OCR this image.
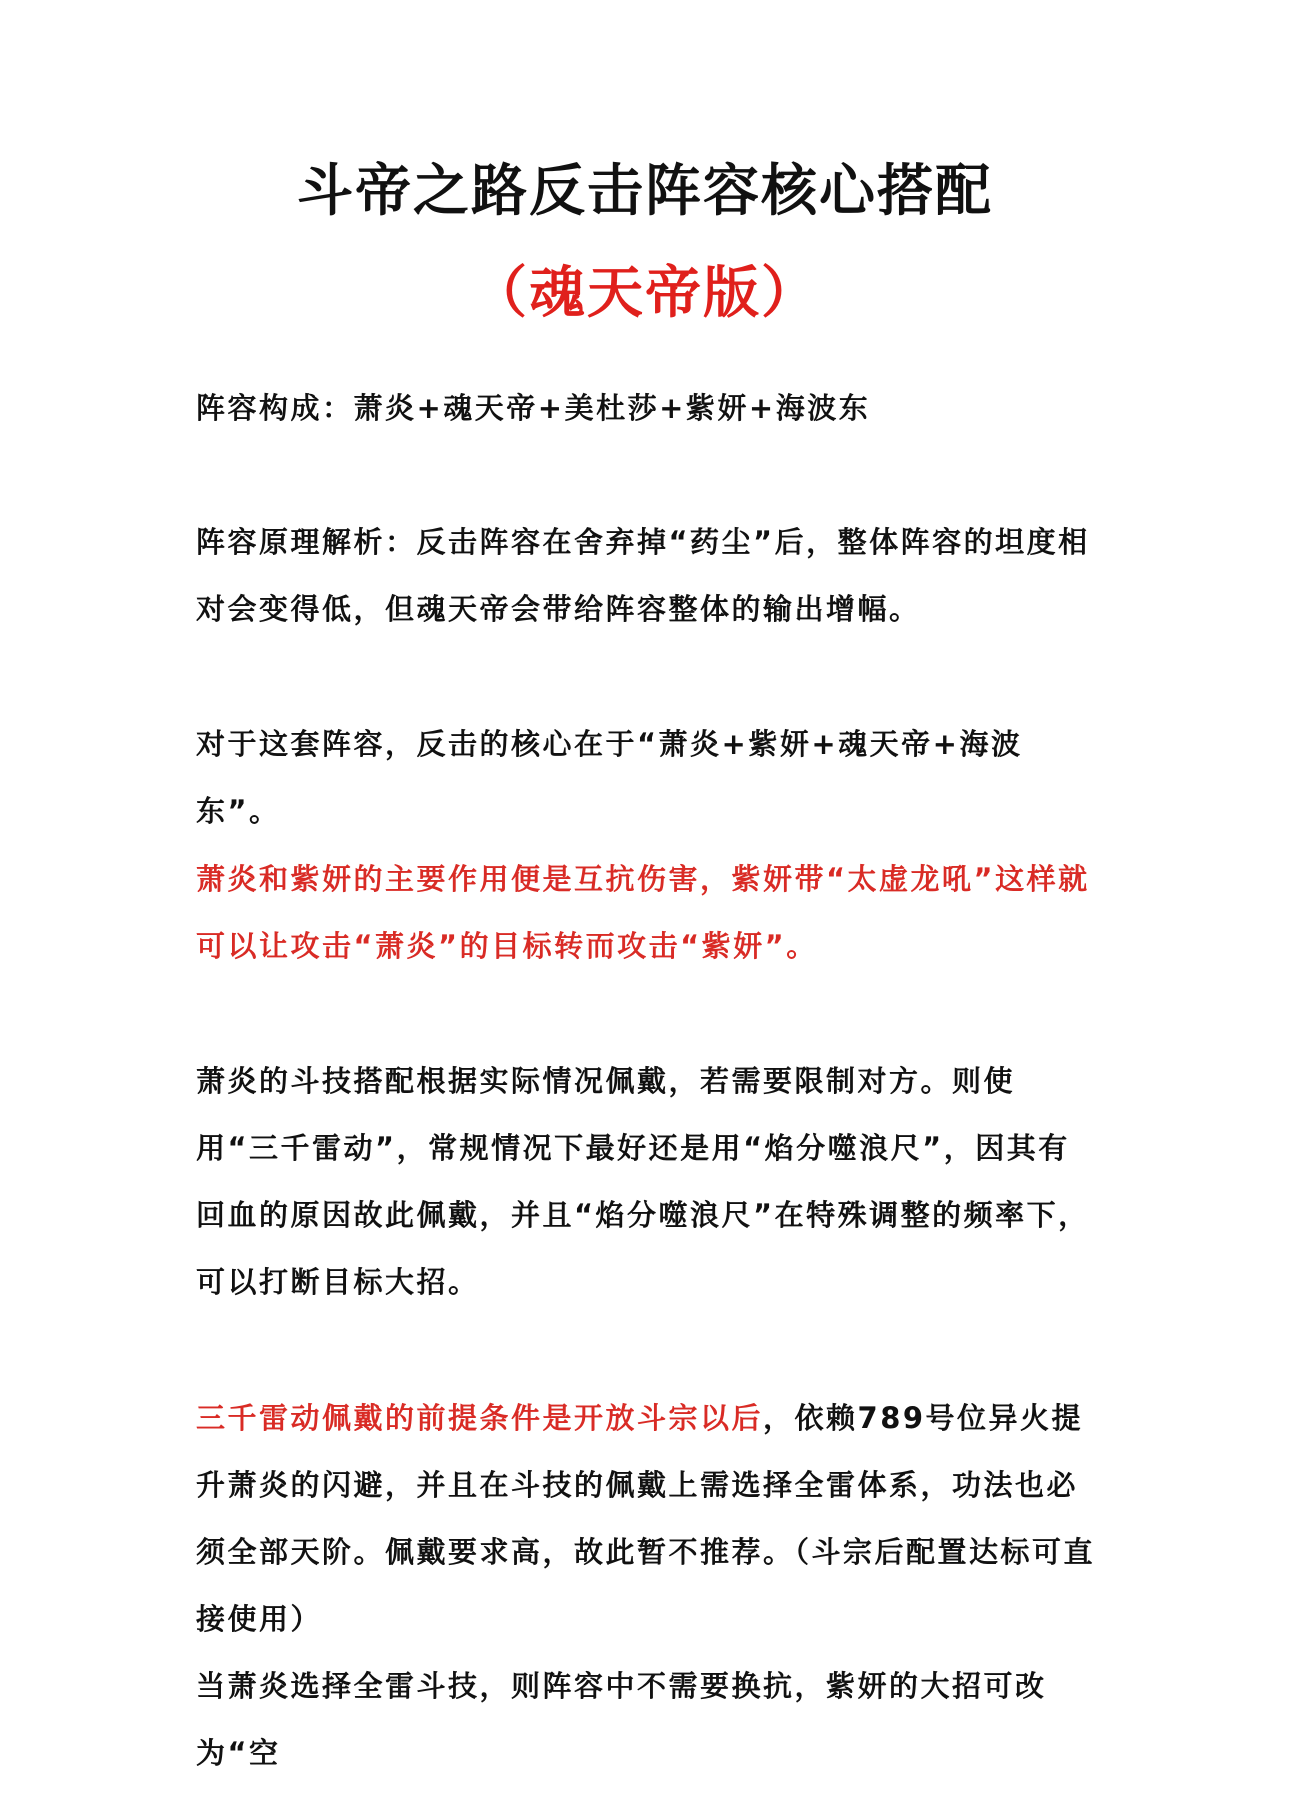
斗帝之路反击阵容核心搭配
（魂天帝版）

阵容构成：萧炎+魂天帝+美杜莎+紫妍+海波东

阵容原理解析：反击阵容在舍弃掉“药尘”后，整体阵容的坦度相对会变得低，但魂天帝会带给阵容整体的输出增幅。

对于这套阵容，反击的核心在于“萧炎+紫妍+魂天帝+海波东”。

萧炎和紫妍的主要作用便是互抗伤害，紫妍带“太虚龙吼”这样就可以让攻击“萧炎”的目标转而攻击“紫妍”。

萧炎的斗技搭配根据实际情况佩戴，若需要限制对方。则使用“三千雷动”，常规情况下最好还是用“焰分噬浪尺”，因其有回血的原因故此佩戴，并且“焰分噬浪尺”在特殊调整的频率下，可以打断目标大招。

三千雷动佩戴的前提条件是开放斗宗以后，依赖789号位异火提升萧炎的闪避，并且在斗技的佩戴上需选择全雷体系，功法也必须全部天阶。佩戴要求高，故此暂不推荐。（斗宗后配置达标可直接使用）
当萧炎选择全雷斗技，则阵容中不需要换抗，紫妍的大招可改为“空
